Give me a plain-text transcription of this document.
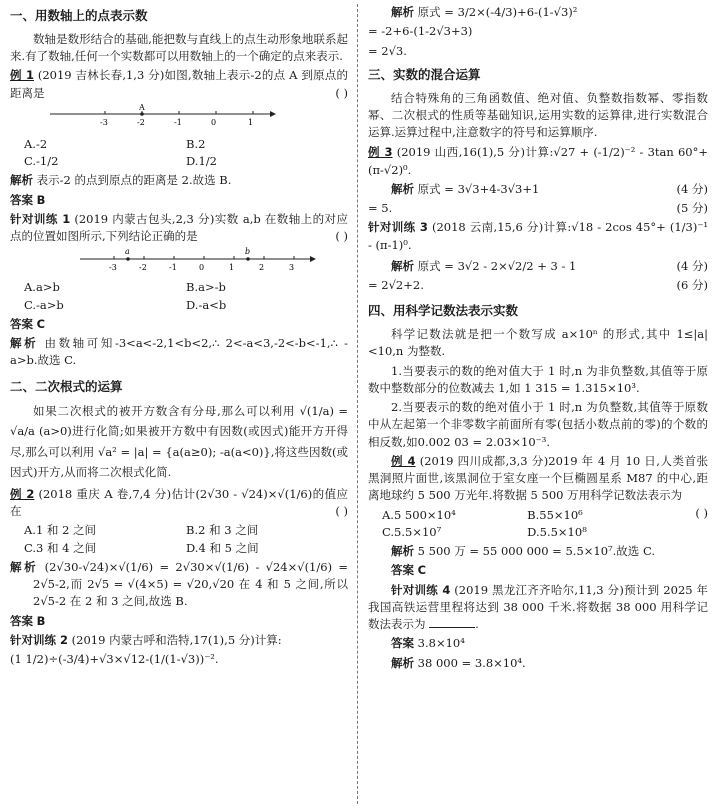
一、用数轴上的点表示数

数轴是数形结合的基础,能把数与直线上的点生动形象地联系起来.有了数轴,任何一个实数都可以用数轴上的一个确定的点来表示.

例 1 (2019 吉林长春,1,3 分)如图,数轴上表示-2的点 A 到原点的距离是	( )

-3	-2	-1	0	1
A
A.-2	B.2
C.-1/2	D.1/2

解析 表示-2 的点到原点的距离是 2.故选 B.

答案 B

针对训练 1 (2019 内蒙古包头,2,3 分)实数 a,b 在数轴上的对应点的位置如图所示,下列结论正确的是	( )

-3	-2	-1	0	1	2	3
a	b
A.a>b	B.a>-b
C.-a>b	D.-a<b

答案 C

解析 由数轴可知-3<a<-2,1<b<2,∴ 2<-a<3,-2<-b<-1,∴ -a>b.故选 C.

二、二次根式的运算

如果二次根式的被开方数含有分母,那么可以利用 √(1/a) = √a/a (a>0)进行化简;如果被开方数中有因数(或因式)能开方开得尽,那么可以利用 √a² = |a| = {a(a≥0); -a(a<0)},将这些因数(或因式)开方,从而将二次根式化简.

例 2 (2018 重庆 A 卷,7,4 分)估计(2√30 - √24)×√(1/6)的值应在	( )

A.1 和 2 之间	B.2 和 3 之间
C.3 和 4 之间	D.4 和 5 之间

解析 (2√30-√24)×√(1/6) = 2√30×√(1/6) - √24×√(1/6) = 2√5-2,而 2√5 = √(4×5) = √20,√20 在 4 和 5 之间,所以 2√5-2 在 2 和 3 之间,故选 B.

答案 B

针对训练 2 (2019 内蒙古呼和浩特,17(1),5 分)计算:

(1 1/2)÷(-3/4)+√3×√12-(1/(1-√3))⁻².

解析 原式 = 3/2×(-4/3)+6-(1-√3)²

= -2+6-(1-2√3+3)

= 2√3.

三、实数的混合运算

结合特殊角的三角函数值、绝对值、负整数指数幂、零指数幂、二次根式的性质等基础知识,运用实数的运算律,进行实数混合运算.运算过程中,注意数字的符号和运算顺序.

例 3 (2019 山西,16(1),5 分)计算:√27 + (-1/2)⁻² - 3tan 60°+(π-√2)⁰.

解析 原式 = 3√3+4-3√3+1	(4 分)

= 5.	(5 分)

针对训练 3 (2018 云南,15,6 分)计算:√18 - 2cos 45°+ (1/3)⁻¹ - (π-1)⁰.

解析 原式 = 3√2 - 2×√2/2 + 3 - 1	(4 分)

= 2√2+2.	(6 分)

四、用科学记数法表示实数

科学记数法就是把一个数写成 a×10ⁿ 的形式,其中 1≤|a|<10,n 为整数.

1.当要表示的数的绝对值大于 1 时,n 为非负整数,其值等于原数中整数部分的位数减去 1,如 1 315 = 1.315×10³.

2.当要表示的数的绝对值小于 1 时,n 为负整数,其值等于原数中从左起第一个非零数字前面所有零(包括小数点前的零)的个数的相反数,如0.002 03 = 2.03×10⁻³.

例 4 (2019 四川成都,3,3 分)2019 年 4 月 10 日,人类首张黑洞照片面世,该黑洞位于室女座一个巨椭圆星系 M87 的中心,距离地球约 5 500 万光年.将数据 5 500 万用科学记数法表示为
( )

A.5 500×10⁴	B.55×10⁶
C.5.5×10⁷	D.5.5×10⁸

解析 5 500 万 = 55 000 000 = 5.5×10⁷.故选 C.

答案 C

针对训练 4 (2019 黑龙江齐齐哈尔,11,3 分)预计到 2025 年我国高铁运营里程将达到 38 000 千米.将数据 38 000 用科学记数法表示为	.

答案 3.8×10⁴

解析 38 000 = 3.8×10⁴.
